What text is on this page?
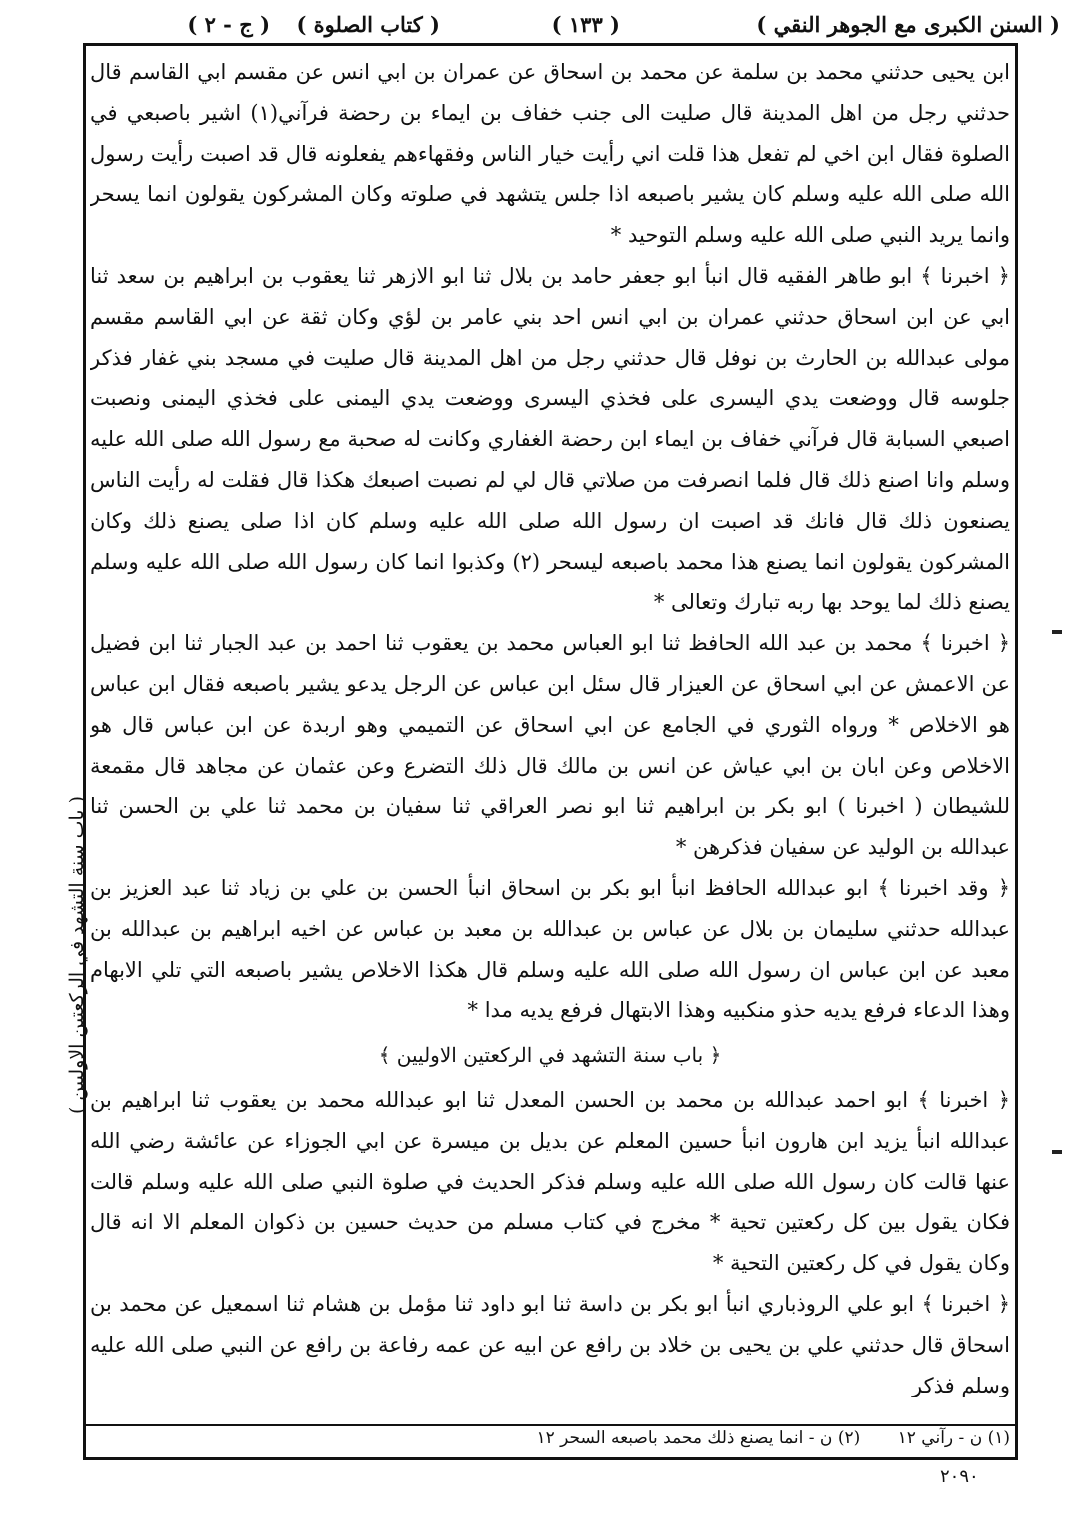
( السنن الكبرى مع الجوهر النقي )
( ۱۳۳ )
( كتاب الصلوة )
( ج - ۲ )

ابن يحيى حدثني محمد بن سلمة عن محمد بن اسحاق عن عمران بن ابي انس عن مقسم ابي القاسم قال حدثني رجل من اهل المدينة قال صليت الى جنب خفاف بن ايماء بن رحضة فرآني(۱) اشير باصبعي في الصلوة فقال ابن اخي لم تفعل هذا قلت اني رأيت خيار الناس وفقهاءهم يفعلونه قال قد اصبت رأيت رسول الله صلى الله عليه وسلم كان يشير باصبعه اذا جلس يتشهد في صلوته وكان المشركون يقولون انما يسحر وانما يريد النبي صلى الله عليه وسلم التوحيد *

﴿ اخبرنا ﴾ ابو طاهر الفقيه قال انبأ ابو جعفر حامد بن بلال ثنا ابو الازهر ثنا يعقوب بن ابراهيم بن سعد ثنا ابي عن ابن اسحاق حدثني عمران بن ابي انس احد بني عامر بن لؤي وكان ثقة عن ابي القاسم مقسم مولى عبدالله بن الحارث بن نوفل قال حدثني رجل من اهل المدينة قال صليت في مسجد بني غفار فذكر جلوسه قال ووضعت يدي اليسرى على فخذي اليسرى ووضعت يدي اليمنى على فخذي اليمنى ونصبت اصبعي السبابة قال فرآني خفاف بن ايماء ابن رحضة الغفاري وكانت له صحبة مع رسول الله صلى الله عليه وسلم وانا اصنع ذلك قال فلما انصرفت من صلاتي قال لي لم نصبت اصبعك هكذا قال فقلت له رأيت الناس يصنعون ذلك قال فانك قد اصبت ان رسول الله صلى الله عليه وسلم كان اذا صلى يصنع ذلك وكان المشركون يقولون انما يصنع هذا محمد باصبعه ليسحر (۲) وكذبوا انما كان رسول الله صلى الله عليه وسلم يصنع ذلك لما يوحد بها ربه تبارك وتعالى *

﴿ اخبرنا ﴾ محمد بن عبد الله الحافظ ثنا ابو العباس محمد بن يعقوب ثنا احمد بن عبد الجبار ثنا ابن فضيل عن الاعمش عن ابي اسحاق عن العيزار قال سئل ابن عباس عن الرجل يدعو يشير باصبعه فقال ابن عباس هو الاخلاص * ورواه الثوري في الجامع عن ابي اسحاق عن التميمي وهو اربدة عن ابن عباس قال هو الاخلاص وعن ابان بن ابي عياش عن انس بن مالك قال ذلك التضرع وعن عثمان عن مجاهد قال مقمعة للشيطان ( اخبرنا ) ابو بكر بن ابراهيم ثنا ابو نصر العراقي ثنا سفيان بن محمد ثنا علي بن الحسن ثنا عبدالله بن الوليد عن سفيان فذكرهن *

﴿ وقد اخبرنا ﴾ ابو عبدالله الحافظ انبأ ابو بكر بن اسحاق انبأ الحسن بن علي بن زياد ثنا عبد العزيز بن عبدالله حدثني سليمان بن بلال عن عباس بن عبدالله بن معبد بن عباس عن اخيه ابراهيم بن عبدالله بن معبد عن ابن عباس ان رسول الله صلى الله عليه وسلم قال هكذا الاخلاص يشير باصبعه التي تلي الابهام وهذا الدعاء فرفع يديه حذو منكبيه وهذا الابتهال فرفع يديه مدا *

﴿ باب سنة التشهد في الركعتين الاوليين ﴾

﴿ اخبرنا ﴾ ابو احمد عبدالله بن محمد بن الحسن المعدل ثنا ابو عبدالله محمد بن يعقوب ثنا ابراهيم بن عبدالله انبأ يزيد ابن هارون انبأ حسين المعلم عن بديل بن ميسرة عن ابي الجوزاء عن عائشة رضي الله عنها قالت كان رسول الله صلى الله عليه وسلم فذكر الحديث في صلوة النبي صلى الله عليه وسلم قالت فكان يقول بين كل ركعتين تحية * مخرج في كتاب مسلم من حديث حسين بن ذكوان المعلم الا انه قال وكان يقول في كل ركعتين التحية *

﴿ اخبرنا ﴾ ابو علي الروذباري انبأ ابو بكر بن داسة ثنا ابو داود ثنا مؤمل بن هشام ثنا اسمعيل عن محمد بن اسحاق قال حدثني علي بن يحيى بن خلاد بن رافع عن ابيه عن عمه رفاعة بن رافع عن النبي صلى الله عليه وسلم فذكر

(۱) ن - رآني ۱۲ (۲) ن - انما يصنع ذلك محمد باصبعه السحر ۱۲
۲۰۹۰
( باب سنة التشهد في الركعتين الاوليين )
